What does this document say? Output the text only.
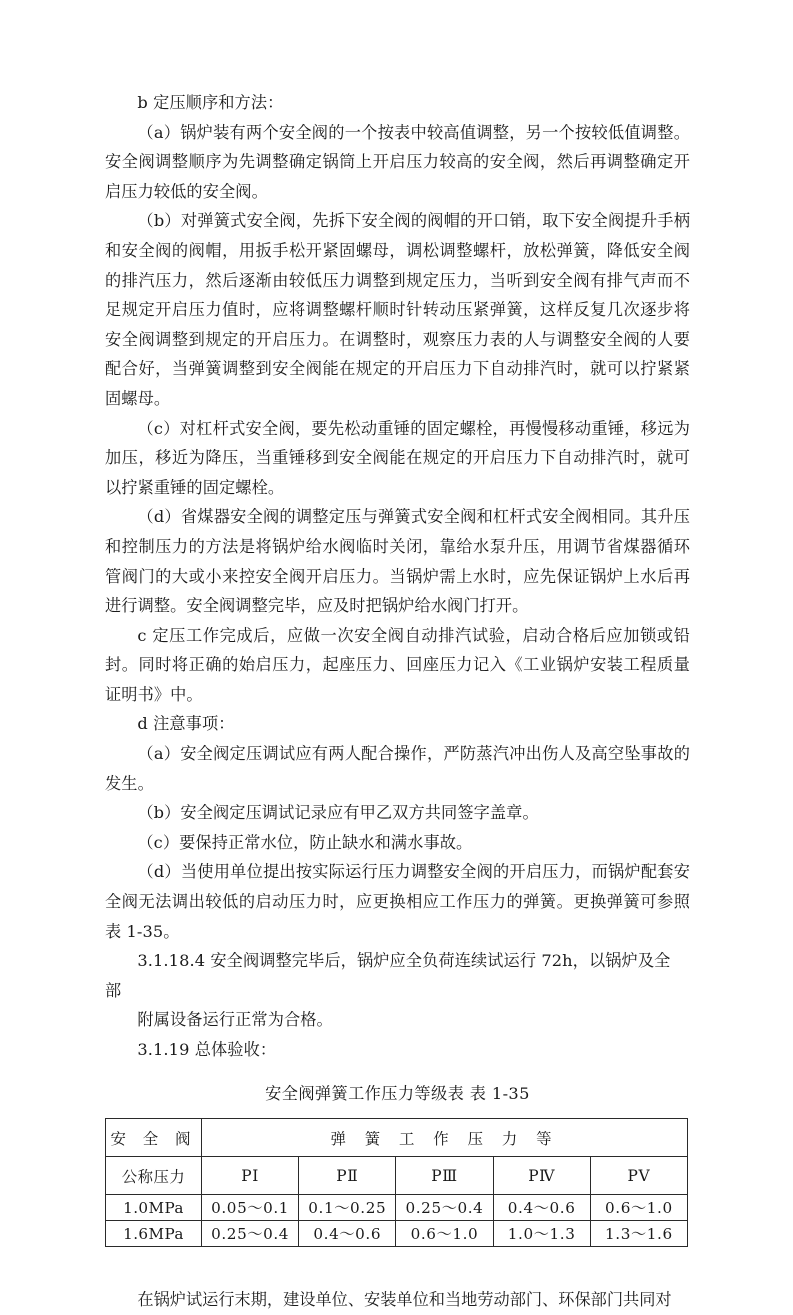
b 定压顺序和方法：

（a）锅炉装有两个安全阀的一个按表中较高值调整，另一个按较低值调整。安全阀调整顺序为先调整确定锅筒上开启压力较高的安全阀，然后再调整确定开启压力较低的安全阀。

（b）对弹簧式安全阀，先拆下安全阀的阀帽的开口销，取下安全阀提升手柄和安全阀的阀帽，用扳手松开紧固螺母，调松调整螺杆，放松弹簧，降低安全阀的排汽压力，然后逐渐由较低压力调整到规定压力，当听到安全阀有排气声而不足规定开启压力值时，应将调整螺杆顺时针转动压紧弹簧，这样反复几次逐步将安全阀调整到规定的开启压力。在调整时，观察压力表的人与调整安全阀的人要配合好，当弹簧调整到安全阀能在规定的开启压力下自动排汽时，就可以拧紧紧固螺母。

（c）对杠杆式安全阀，要先松动重锤的固定螺栓，再慢慢移动重锤，移远为加压，移近为降压，当重锤移到安全阀能在规定的开启压力下自动排汽时，就可以拧紧重锤的固定螺栓。

（d）省煤器安全阀的调整定压与弹簧式安全阀和杠杆式安全阀相同。其升压和控制压力的方法是将锅炉给水阀临时关闭，靠给水泵升压，用调节省煤器循环管阀门的大或小来控安全阀开启压力。当锅炉需上水时，应先保证锅炉上水后再进行调整。安全阀调整完毕，应及时把锅炉给水阀门打开。

c 定压工作完成后，应做一次安全阀自动排汽试验，启动合格后应加锁或铅封。同时将正确的始启压力，起座压力、回座压力记入《工业锅炉安装工程质量证明书》中。

d 注意事项：

（a）安全阀定压调试应有两人配合操作，严防蒸汽冲出伤人及高空坠事故的发生。

（b）安全阀定压调试记录应有甲乙双方共同签字盖章。

（c）要保持正常水位，防止缺水和满水事故。

（d）当使用单位提出按实际运行压力调整安全阀的开启压力，而锅炉配套安全阀无法调出较低的启动压力时，应更换相应工作压力的弹簧。更换弹簧可参照表 1-35。

3.1.18.4 安全阀调整完毕后，锅炉应全负荷连续试运行 72h，以锅炉及全

部

附属设备运行正常为合格。

3.1.19 总体验收：

安全阀弹簧工作压力等级表 表 1-35
安 全 阀	弹 簧 工 作 压 力 等				
公称压力	PⅠ	PⅡ	PⅢ	PⅣ	PⅤ
1.0MPa	0.05～0.1	0.1～0.25	0.25～0.4	0.4～0.6	0.6～1.0
1.6MPa	0.25～0.4	0.4～0.6	0.6～1.0	1.0～1.3	1.3～1.6

在锅炉试运行末期，建设单位、安装单位和当地劳动部门、环保部门共同对
